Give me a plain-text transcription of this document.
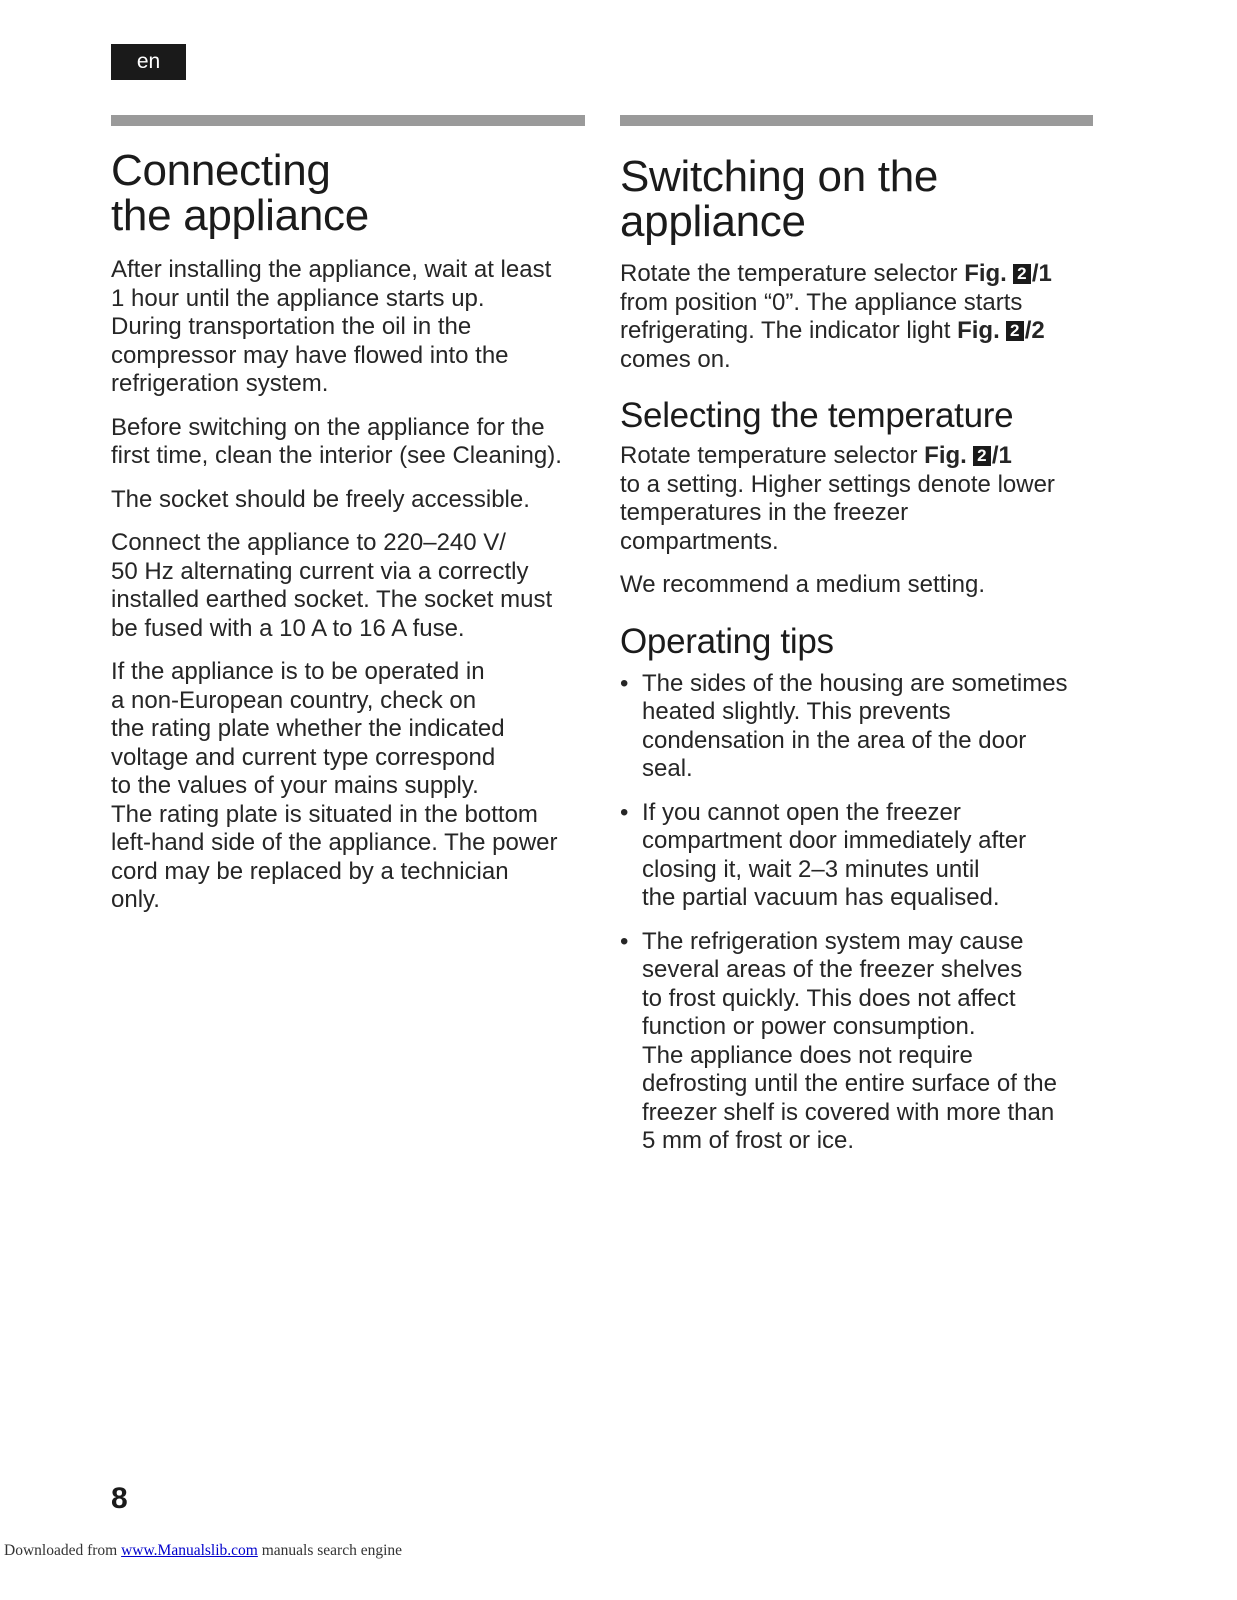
en
Connecting
the appliance

After installing the appliance, wait at least
1 hour until the appliance starts up.
During transportation the oil in the
compressor may have flowed into the
refrigeration system.

Before switching on the appliance for the
first time, clean the interior (see Cleaning).

The socket should be freely accessible.

Connect the appliance to 220–240 V/
50 Hz alternating current via a correctly
installed earthed socket. The socket must
be fused with a 10 A to 16 A fuse.

If the appliance is to be operated in
a non-European country, check on
the rating plate whether the indicated
voltage and current type correspond
to the values of your mains supply.
The rating plate is situated in the bottom
left-hand side of the appliance. The power
cord may be replaced by a technician
only.

Switching on the
appliance

Rotate the temperature selector Fig. 2 /1
from position “0”. The appliance starts
refrigerating. The indicator light Fig. 2 /2
comes on.

Selecting the temperature

Rotate temperature selector Fig. 2 /1
to a setting. Higher settings denote lower
temperatures in the freezer
compartments.

We recommend a medium setting.

Operating tips
• The sides of the housing are sometimes
heated slightly. This prevents
condensation in the area of the door
seal.
• If you cannot open the freezer
compartment door immediately after
closing it, wait 2–3 minutes until
the partial vacuum has equalised.
• The refrigeration system may cause
several areas of the freezer shelves
to frost quickly. This does not affect
function or power consumption.
The appliance does not require
defrosting until the entire surface of the
freezer shelf is covered with more than
5 mm of frost or ice.
8
Downloaded from www.Manualslib.com manuals search engine
